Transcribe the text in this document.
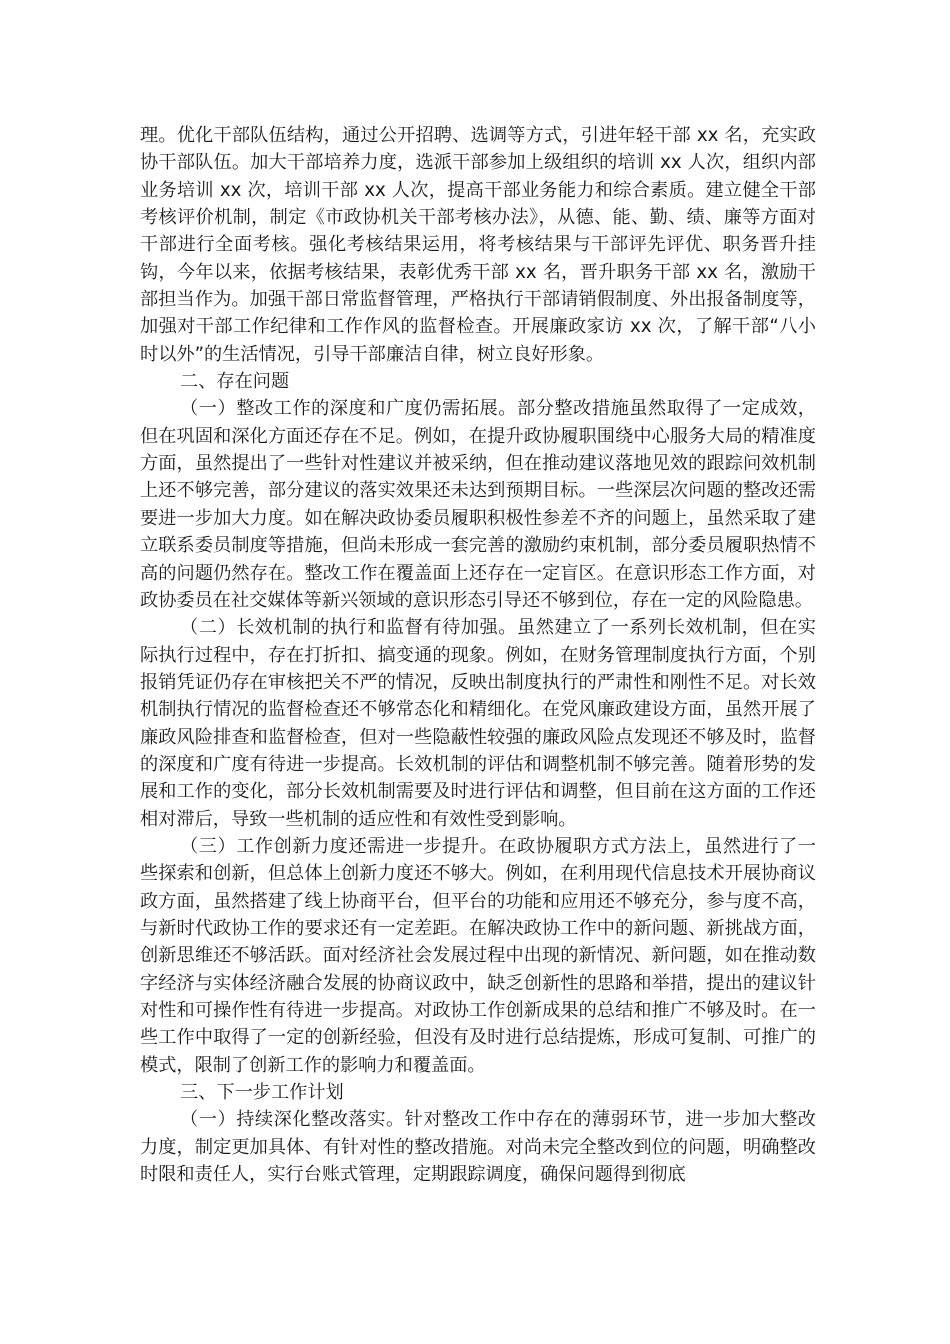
理。优化干部队伍结构，通过公开招聘、选调等方式，引进年轻干部 xx 名，充实政协干部队伍。加大干部培养力度，选派干部参加上级组织的培训 xx 人次，组织内部业务培训 xx 次，培训干部 xx 人次，提高干部业务能力和综合素质。建立健全干部考核评价机制，制定《市政协机关干部考核办法》，从德、能、勤、绩、廉等方面对干部进行全面考核。强化考核结果运用，将考核结果与干部评先评优、职务晋升挂钩，今年以来，依据考核结果，表彰优秀干部 xx 名，晋升职务干部 xx 名，激励干部担当作为。加强干部日常监督管理，严格执行干部请销假制度、外出报备制度等，加强对干部工作纪律和工作作风的监督检查。开展廉政家访 xx 次，了解干部“八小时以外”的生活情况，引导干部廉洁自律，树立良好形象。

二、存在问题

（一）整改工作的深度和广度仍需拓展。部分整改措施虽然取得了一定成效，但在巩固和深化方面还存在不足。例如，在提升政协履职围绕中心服务大局的精准度方面，虽然提出了一些针对性建议并被采纳，但在推动建议落地见效的跟踪问效机制上还不够完善，部分建议的落实效果还未达到预期目标。一些深层次问题的整改还需要进一步加大力度。如在解决政协委员履职积极性参差不齐的问题上，虽然采取了建立联系委员制度等措施，但尚未形成一套完善的激励约束机制，部分委员履职热情不高的问题仍然存在。整改工作在覆盖面上还存在一定盲区。在意识形态工作方面，对政协委员在社交媒体等新兴领域的意识形态引导还不够到位，存在一定的风险隐患。

（二）长效机制的执行和监督有待加强。虽然建立了一系列长效机制，但在实际执行过程中，存在打折扣、搞变通的现象。例如，在财务管理制度执行方面，个别报销凭证仍存在审核把关不严的情况，反映出制度执行的严肃性和刚性不足。对长效机制执行情况的监督检查还不够常态化和精细化。在党风廉政建设方面，虽然开展了廉政风险排查和监督检查，但对一些隐蔽性较强的廉政风险点发现还不够及时，监督的深度和广度有待进一步提高。长效机制的评估和调整机制不够完善。随着形势的发展和工作的变化，部分长效机制需要及时进行评估和调整，但目前在这方面的工作还相对滞后，导致一些机制的适应性和有效性受到影响。

（三）工作创新力度还需进一步提升。在政协履职方式方法上，虽然进行了一些探索和创新，但总体上创新力度还不够大。例如，在利用现代信息技术开展协商议政方面，虽然搭建了线上协商平台，但平台的功能和应用还不够充分，参与度不高，与新时代政协工作的要求还有一定差距。在解决政协工作中的新问题、新挑战方面，创新思维还不够活跃。面对经济社会发展过程中出现的新情况、新问题，如在推动数字经济与实体经济融合发展的协商议政中，缺乏创新性的思路和举措，提出的建议针对性和可操作性有待进一步提高。对政协工作创新成果的总结和推广不够及时。在一些工作中取得了一定的创新经验，但没有及时进行总结提炼，形成可复制、可推广的模式，限制了创新工作的影响力和覆盖面。

三、下一步工作计划

（一）持续深化整改落实。针对整改工作中存在的薄弱环节，进一步加大整改力度，制定更加具体、有针对性的整改措施。对尚未完全整改到位的问题，明确整改时限和责任人，实行台账式管理，定期跟踪调度，确保问题得到彻底
